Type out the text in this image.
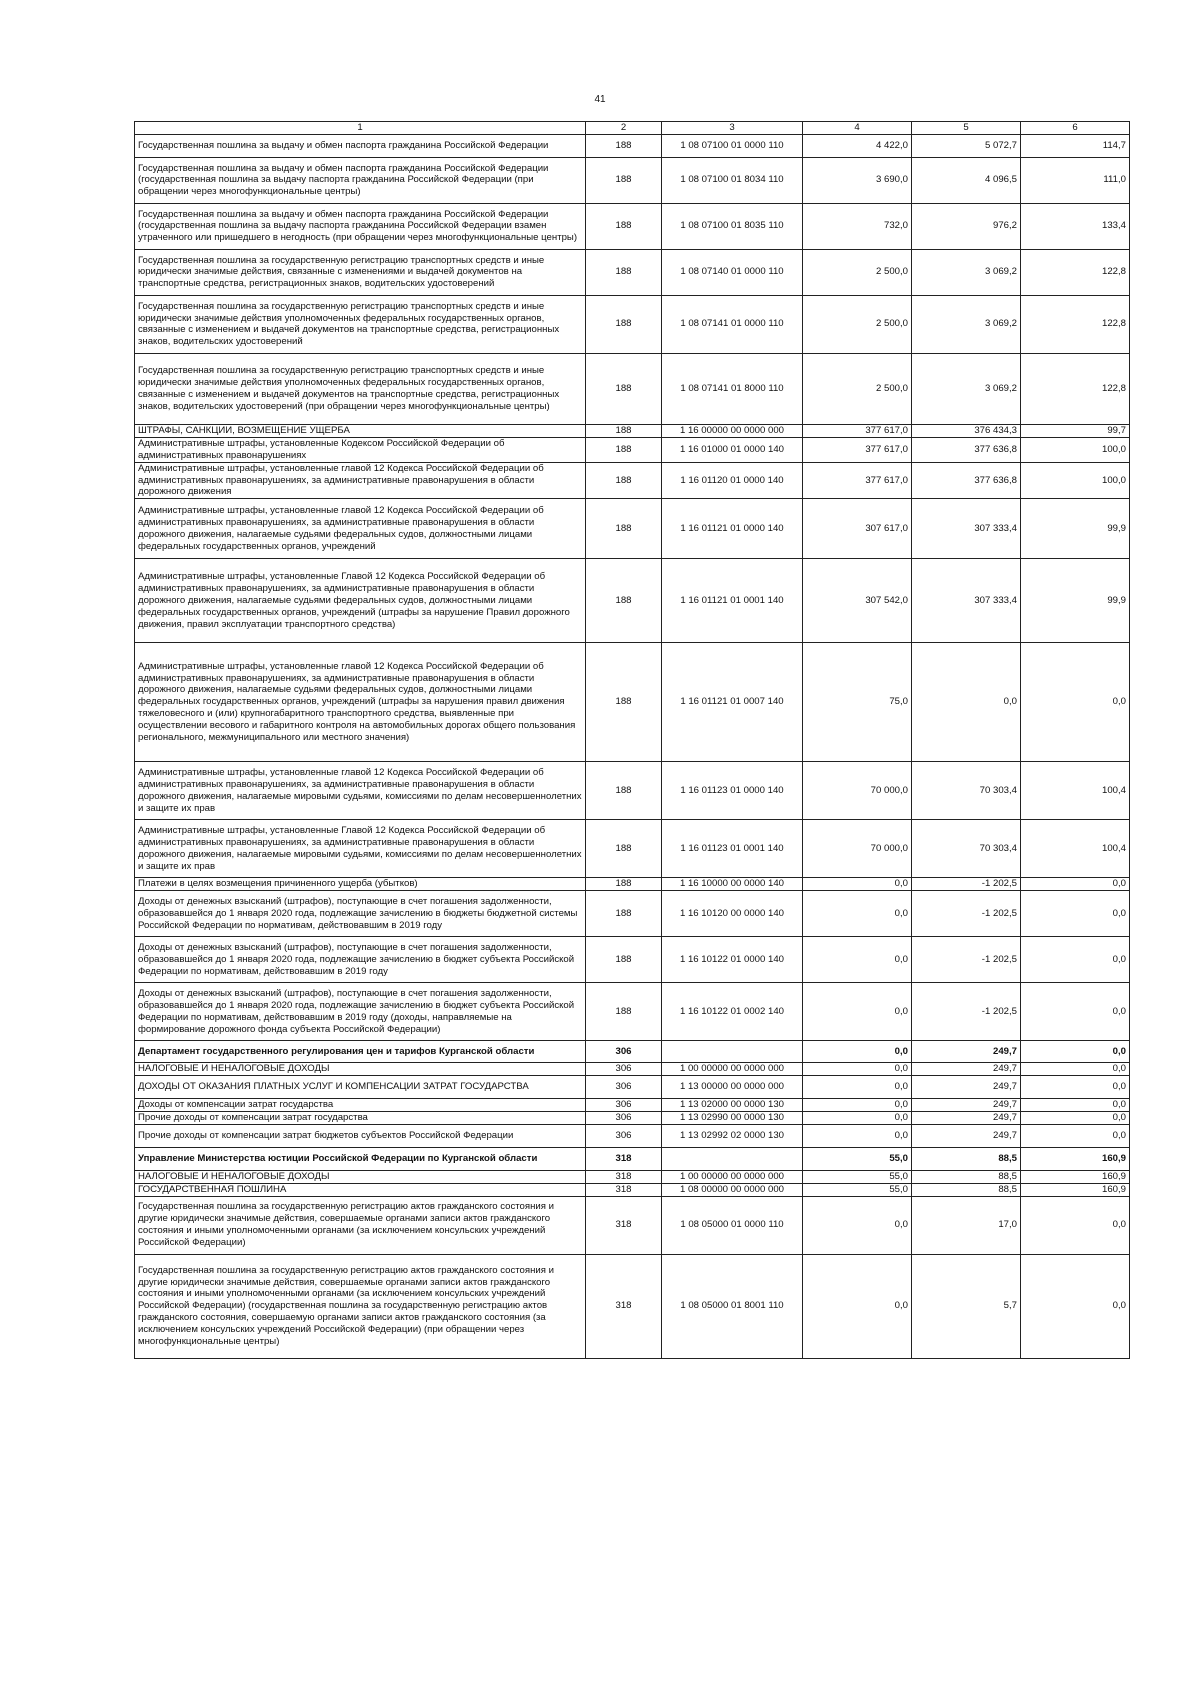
41
1	2	3	4	5	6
Государственная пошлина за выдачу и обмен паспорта гражданина Российской Федерации	188	1 08 07100 01 0000 110	4 422,0	5 072,7	114,7
Государственная пошлина за выдачу и обмен паспорта гражданина Российской Федерации (государственная пошлина за выдачу паспорта гражданина Российской Федерации (при обращении через многофункциональные центры)	188	1 08 07100 01 8034 110	3 690,0	4 096,5	111,0
Государственная пошлина за выдачу и обмен паспорта гражданина Российской Федерации (государственная пошлина за выдачу паспорта гражданина Российской Федерации взамен утраченного или пришедшего в негодность (при обращении через многофункциональные центры)	188	1 08 07100 01 8035 110	732,0	976,2	133,4
Государственная пошлина за государственную регистрацию транспортных средств и иные юридически значимые действия, связанные с изменениями и выдачей документов на транспортные средства, регистрационных знаков, водительских удостоверений	188	1 08 07140 01 0000 110	2 500,0	3 069,2	122,8
Государственная пошлина за государственную регистрацию транспортных средств и иные юридически значимые действия уполномоченных федеральных государственных органов, связанные с изменением и выдачей документов на транспортные средства, регистрационных знаков, водительских удостоверений	188	1 08 07141 01 0000 110	2 500,0	3 069,2	122,8
Государственная пошлина за государственную регистрацию транспортных средств и иные юридически значимые действия уполномоченных федеральных государственных органов, связанные с изменением и выдачей документов на транспортные средства, регистрационных знаков, водительских удостоверений (при обращении через многофункциональные центры)	188	1 08 07141 01 8000 110	2 500,0	3 069,2	122,8
ШТРАФЫ, САНКЦИИ, ВОЗМЕЩЕНИЕ УЩЕРБА	188	1 16 00000 00 0000 000	377 617,0	376 434,3	99,7
Административные штрафы, установленные Кодексом Российской Федерации об административных правонарушениях	188	1 16 01000 01 0000 140	377 617,0	377 636,8	100,0
Административные штрафы, установленные главой 12 Кодекса Российской Федерации об административных правонарушениях, за административные правонарушения в области дорожного движения	188	1 16 01120 01 0000 140	377 617,0	377 636,8	100,0
Административные штрафы, установленные главой 12 Кодекса Российской Федерации об административных правонарушениях, за административные правонарушения в области дорожного движения, налагаемые судьями федеральных судов, должностными лицами федеральных государственных органов, учреждений	188	1 16 01121 01 0000 140	307 617,0	307 333,4	99,9
Административные штрафы, установленные Главой 12 Кодекса Российской Федерации об административных правонарушениях, за административные правонарушения в области дорожного движения, налагаемые судьями федеральных судов, должностными лицами федеральных государственных органов, учреждений (штрафы за нарушение Правил дорожного движения, правил эксплуатации транспортного средства)	188	1 16 01121 01 0001 140	307 542,0	307 333,4	99,9
Административные штрафы, установленные главой 12 Кодекса Российской Федерации об административных правонарушениях, за административные правонарушения в области дорожного движения, налагаемые судьями федеральных судов, должностными лицами федеральных государственных органов, учреждений (штрафы за нарушения правил движения тяжеловесного и (или) крупногабаритного транспортного средства, выявленные при осуществлении весового и габаритного контроля на автомобильных дорогах общего пользования регионального, межмуниципального или местного значения)	188	1 16 01121 01 0007 140	75,0	0,0	0,0
Административные штрафы, установленные главой 12 Кодекса Российской Федерации об административных правонарушениях, за административные правонарушения в области дорожного движения, налагаемые мировыми судьями, комиссиями по делам несовершеннолетних и защите их прав	188	1 16 01123 01 0000 140	70 000,0	70 303,4	100,4
Административные штрафы, установленные Главой 12 Кодекса Российской Федерации об административных правонарушениях, за административные правонарушения в области дорожного движения, налагаемые мировыми судьями, комиссиями по делам несовершеннолетних и защите их прав	188	1 16 01123 01 0001 140	70 000,0	70 303,4	100,4
Платежи в целях возмещения причиненного ущерба (убытков)	188	1 16 10000 00 0000 140	0,0	-1 202,5	0,0
Доходы от денежных взысканий (штрафов), поступающие в счет погашения задолженности, образовавшейся до 1 января 2020 года, подлежащие зачислению в бюджеты бюджетной системы Российской Федерации по нормативам, действовавшим в 2019 году	188	1 16 10120 00 0000 140	0,0	-1 202,5	0,0
Доходы от денежных взысканий (штрафов), поступающие в счет погашения задолженности, образовавшейся до 1 января 2020 года, подлежащие зачислению в бюджет субъекта Российской Федерации по нормативам, действовавшим в 2019 году	188	1 16 10122 01 0000 140	0,0	-1 202,5	0,0
Доходы от денежных взысканий (штрафов), поступающие в счет погашения задолженности, образовавшейся до 1 января 2020 года, подлежащие зачислению в бюджет субъекта Российской Федерации по нормативам, действовавшим в 2019 году (доходы, направляемые на формирование дорожного фонда субъекта Российской Федерации)	188	1 16 10122 01 0002 140	0,0	-1 202,5	0,0
Департамент государственного регулирования цен и тарифов Курганской области	306		0,0	249,7	0,0
НАЛОГОВЫЕ И НЕНАЛОГОВЫЕ ДОХОДЫ	306	1 00 00000 00 0000 000	0,0	249,7	0,0
ДОХОДЫ ОТ ОКАЗАНИЯ ПЛАТНЫХ УСЛУГ И КОМПЕНСАЦИИ ЗАТРАТ ГОСУДАРСТВА	306	1 13 00000 00 0000 000	0,0	249,7	0,0
Доходы от компенсации затрат государства	306	1 13 02000 00 0000 130	0,0	249,7	0,0
Прочие доходы от компенсации затрат государства	306	1 13 02990 00 0000 130	0,0	249,7	0,0
Прочие доходы от компенсации затрат бюджетов субъектов Российской Федерации	306	1 13 02992 02 0000 130	0,0	249,7	0,0
Управление Министерства юстиции Российской Федерации по Курганской области	318		55,0	88,5	160,9
НАЛОГОВЫЕ И НЕНАЛОГОВЫЕ ДОХОДЫ	318	1 00 00000 00 0000 000	55,0	88,5	160,9
ГОСУДАРСТВЕННАЯ ПОШЛИНА	318	1 08 00000 00 0000 000	55,0	88,5	160,9
Государственная пошлина за государственную регистрацию актов гражданского состояния и другие юридически значимые действия, совершаемые органами записи актов гражданского состояния и иными уполномоченными органами (за исключением консульских учреждений Российской Федерации)	318	1 08 05000 01 0000 110	0,0	17,0	0,0
Государственная пошлина за государственную регистрацию актов гражданского состояния и другие юридически значимые действия, совершаемые органами записи актов гражданского состояния и иными уполномоченными органами (за исключением консульских учреждений Российской Федерации) (государственная пошлина за государственную регистрацию актов гражданского состояния, совершаемую органами записи актов гражданского состояния (за исключением консульских учреждений Российской Федерации) (при обращении через многофункциональные центры)	318	1 08 05000 01 8001 110	0,0	5,7	0,0
